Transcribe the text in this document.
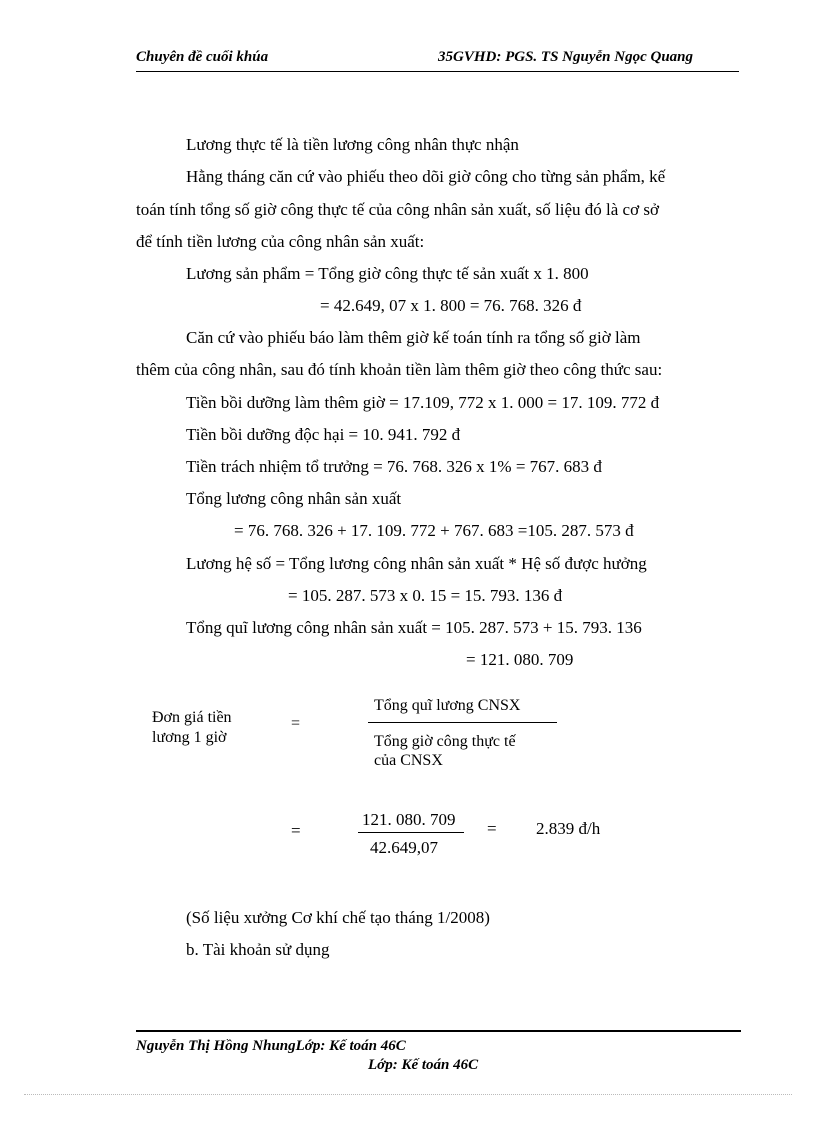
Chuyên đề cuối khúa	35GVHD: PGS. TS Nguyễn Ngọc Quang
Lương thực tế là tiền lương công nhân thực nhận
Hằng tháng căn cứ vào phiếu theo dõi giờ công cho từng sản phẩm, kế
toán tính tổng số giờ công thực tế của công nhân sản xuất, số liệu đó là cơ sở
để tính tiền lương của công nhân sản xuất:
Lương sản phẩm = Tổng giờ công thực tế sản xuất x 1. 800
= 42.649, 07 x 1. 800 = 76. 768. 326 đ
Căn cứ vào phiếu báo làm thêm giờ kế toán tính ra tổng số giờ làm
thêm của công nhân, sau đó tính khoản tiền làm thêm giờ theo công thức sau:
Tiền bồi dưỡng làm thêm giờ = 17.109, 772 x 1. 000 = 17. 109. 772 đ
Tiền bồi dưỡng độc hại = 10. 941. 792 đ
Tiền trách nhiệm tổ trưởng = 76. 768. 326 x 1% = 767. 683 đ
Tổng lương công nhân sản xuất
= 76. 768. 326 + 17. 109. 772 + 767. 683 =105. 287. 573 đ
Lương hệ số = Tổng lương công nhân sản xuất * Hệ số được hưởng
= 105. 287. 573 x 0. 15 = 15. 793. 136 đ
Tổng quĩ lương công nhân sản xuất = 105. 287. 573 + 15. 793. 136
= 121. 080. 709
Đơn giá tiền
lương 1 giờ
=
Tổng quĩ lương CNSX
Tổng giờ công thực tế
của CNSX
=
121. 080. 709
42.649,07
= 2.839 đ/h
(Số liệu xưởng Cơ khí chế tạo tháng 1/2008)
b. Tài khoản sử dụng
Nguyễn Thị Hồng NhungLớp: Kế toán 46C
Lớp: Kế toán 46C
